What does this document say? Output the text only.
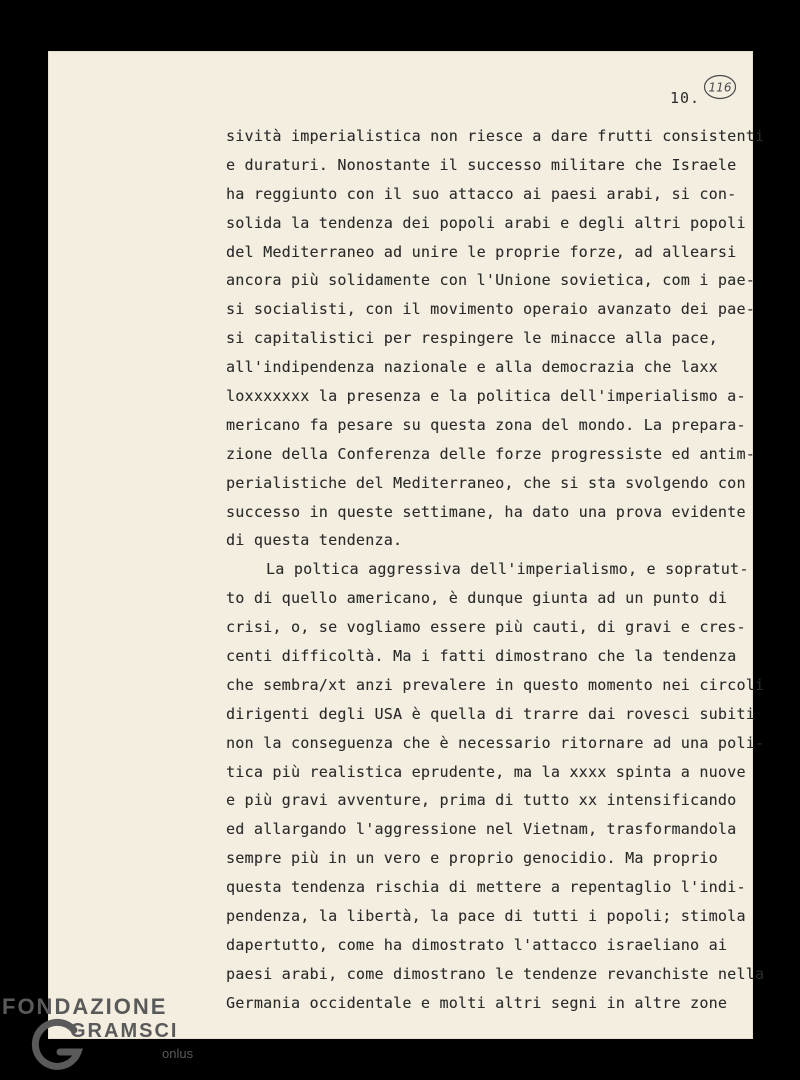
10.
116
sività imperialistica non riesce a dare frutti consistenti
e duraturi. Nonostante il successo militare che Israele
ha reggiunto con il suo attacco ai paesi arabi, si con-
solida la tendenza dei popoli arabi e degli altri popoli
del Mediterraneo ad unire le proprie forze, ad allearsi
ancora più solidamente con l'Unione sovietica, com i pae-
si socialisti, con il movimento operaio avanzato dei pae-
si capitalistici per respingere le minacce alla pace,
all'indipendenza nazionale e alla democrazia che laxx
loxxxxxxx la presenza e la politica dell'imperialismo a-
mericano fa pesare su questa zona del mondo. La prepara-
zione della Conferenza delle forze progressiste ed antim-
perialistiche del Mediterraneo, che si sta svolgendo con
successo in queste settimane, ha dato una prova evidente
di questa tendenza.
La poltica aggressiva dell'imperialismo, e sopratut-
to di quello americano, è dunque giunta ad un punto di
crisi, o, se vogliamo essere più cauti, di gravi e cres-
centi difficoltà. Ma i fatti dimostrano che la tendenza
che sembra/xt anzi prevalere in questo momento nei circoli
dirigenti degli USA è quella di trarre dai rovesci subiti
non la conseguenza che è necessario ritornare ad una poli-
tica più realistica eprudente, ma la xxxx spinta a nuove
e più gravi avventure, prima di tutto xx intensificando
ed allargando l'aggressione nel Vietnam, trasformandola
sempre più in un vero e proprio genocidio. Ma proprio
questa tendenza rischia di mettere a repentaglio l'indi-
pendenza, la libertà, la pace di tutti i popoli; stimola
dapertutto, come ha dimostrato l'attacco israeliano ai
paesi arabi, come dimostrano le tendenze revanchiste nella
Germania occidentale e molti altri segni in altre zone
FONDAZIONE
GRAMSCI
onlus
